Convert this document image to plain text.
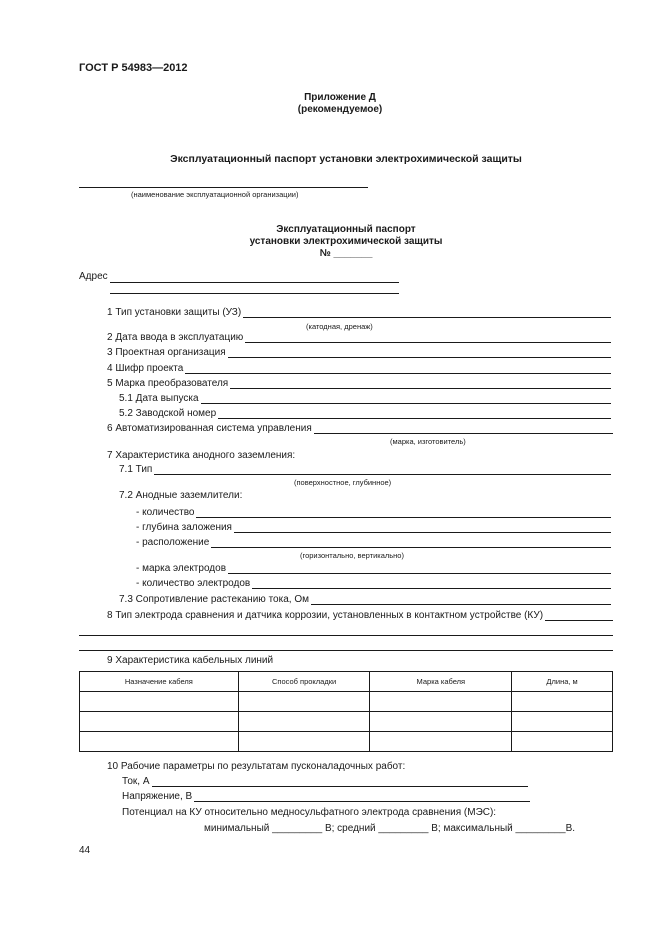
ГОСТ Р 54983—2012
Приложение Д
(рекомендуемое)
Эксплуатационный паспорт установки электрохимической защиты
(наименование эксплуатационной организации)
Эксплуатационный паспорт
установки электрохимической защиты
№ _______
Адрес
1 Тип установки защиты (УЗ)
(катодная, дренаж)
2 Дата ввода в эксплуатацию
3 Проектная организация
4 Шифр проекта
5 Марка преобразователя
5.1 Дата выпуска
5.2 Заводской номер
6 Автоматизированная система управления
(марка, изготовитель)
7 Характеристика анодного заземления:
7.1 Тип
(поверхностное, глубинное)
7.2 Анодные заземлители:
- количество
- глубина заложения
- расположение
(горизонтально, вертикально)
- марка электродов
- количество электродов
7.3 Сопротивление растеканию тока, Ом
8 Тип электрода сравнения и датчика коррозии, установленных в контактном устройстве (КУ)
9 Характеристика кабельных линий
Назначение кабеля	Способ прокладки	Марка кабеля	Длина, м

10 Рабочие параметры по результатам пусконаладочных работ:
Ток, А
Напряжение, В
Потенциал на КУ относительно медносульфатного электрода сравнения (МЭС):
минимальный _________ В; средний _________ В; максимальный _________В.
44
